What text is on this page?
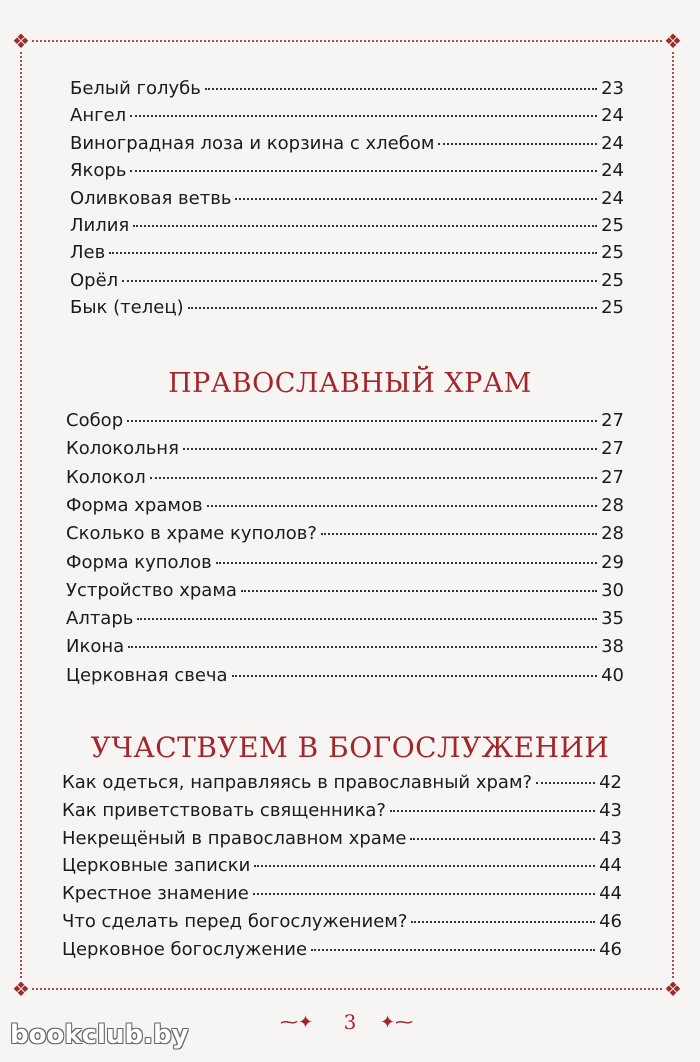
❖	❖
❖	❖
ПРАВОСЛАВНЫЙ ХРАМ
УЧАСТВУЕМ В БОГОСЛУЖЕНИИ
Белый голубь	23
Ангел	24
Виноградная лоза и корзина с хлебом	24
Якорь	24
Оливковая ветвь	24
Лилия	25
Лев	25
Орёл	25
Бык (телец)	25
Собор	27
Колокольня	27
Колокол	27
Форма храмов	28
Сколько в храме куполов?	28
Форма куполов	29
Устройство храма	30
Алтарь	35
Икона	38
Церковная свеча	40
Как одеться, направляясь в православный храм?	42
Как приветствовать священника?	43
Некрещёный в православном храме	43
Церковные записки	44
Крестное знамение	44
Что сделать перед богослужением?	46
Церковное богослужение	46
⁓✦	3	✦⁓
bookclub.by
